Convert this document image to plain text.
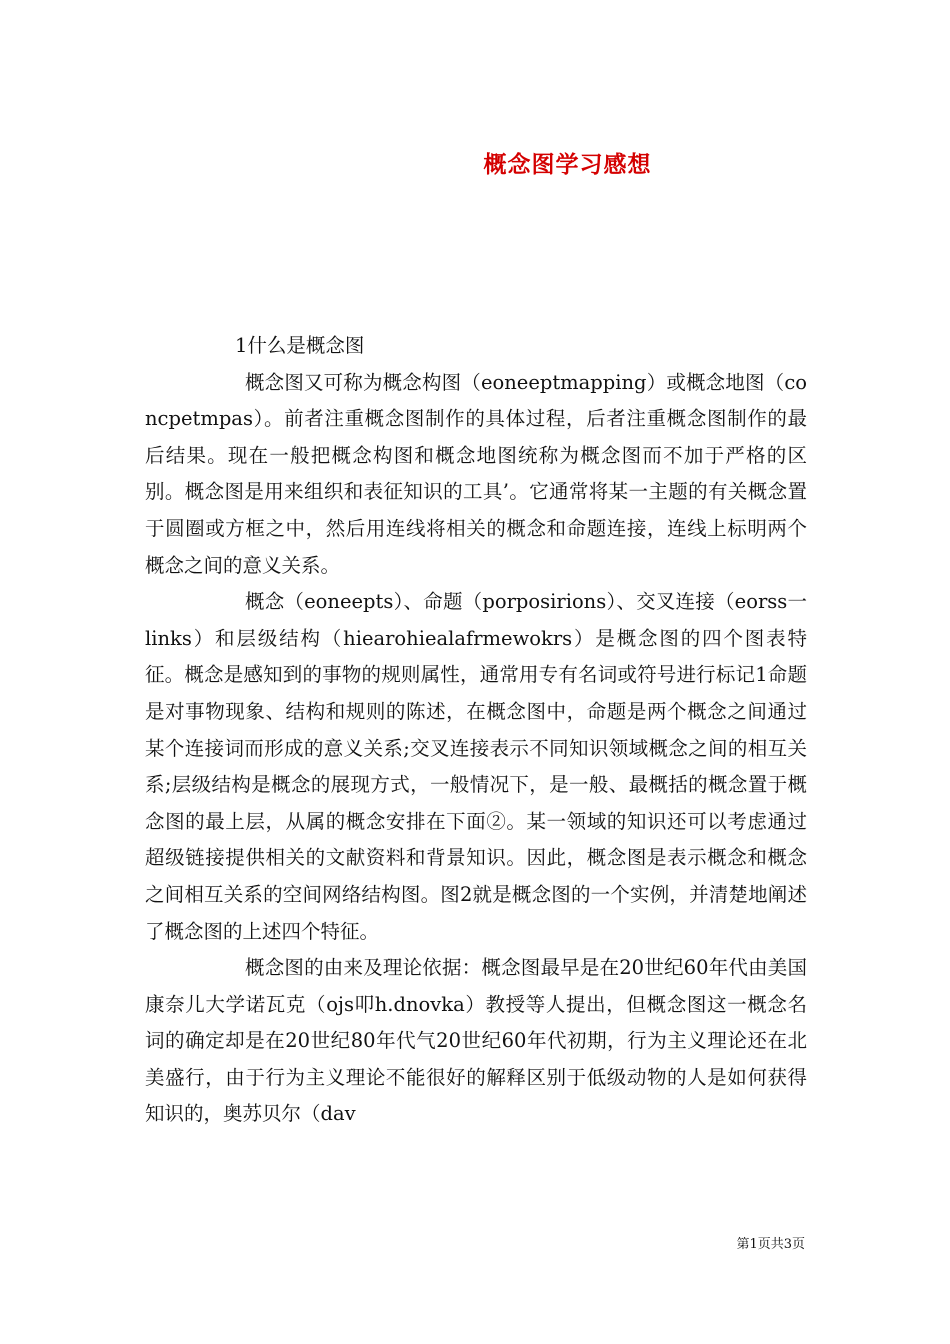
概念图学习感想

1什么是概念图

概念图又可称为概念构图（eoneeptmapping）或概念地图（concpetmpas）。前者注重概念图制作的具体过程，后者注重概念图制作的最后结果。现在一般把概念构图和概念地图统称为概念图而不加于严格的区别。概念图是用来组织和表征知识的工具’。它通常将某一主题的有关概念置于圆圈或方框之中，然后用连线将相关的概念和命题连接，连线上标明两个概念之间的意义关系。

概念（eoneepts）、命题（porposirions）、交叉连接（eorss一links）和层级结构（hiearohiealafrmewokrs）是概念图的四个图表特征。概念是感知到的事物的规则属性，通常用专有名词或符号进行标记1命题是对事物现象、结构和规则的陈述，在概念图中，命题是两个概念之间通过某个连接词而形成的意义关系;交叉连接表示不同知识领域概念之间的相互关系;层级结构是概念的展现方式，一般情况下，是一般、最概括的概念置于概念图的最上层，从属的概念安排在下面②。某一领域的知识还可以考虑通过超级链接提供相关的文献资料和背景知识。因此，概念图是表示概念和概念之间相互关系的空间网络结构图。图2就是概念图的一个实例，并清楚地阐述了概念图的上述四个特征。

概念图的由来及理论依据：概念图最早是在20世纪60年代由美国康奈儿大学诺瓦克（ojs叩h.dnovka）教授等人提出，但概念图这一概念名词的确定却是在20世纪80年代气20世纪60年代初期，行为主义理论还在北美盛行，由于行为主义理论不能很好的解释区别于低级动物的人是如何获得知识的，奥苏贝尔（dav

第1页共3页
